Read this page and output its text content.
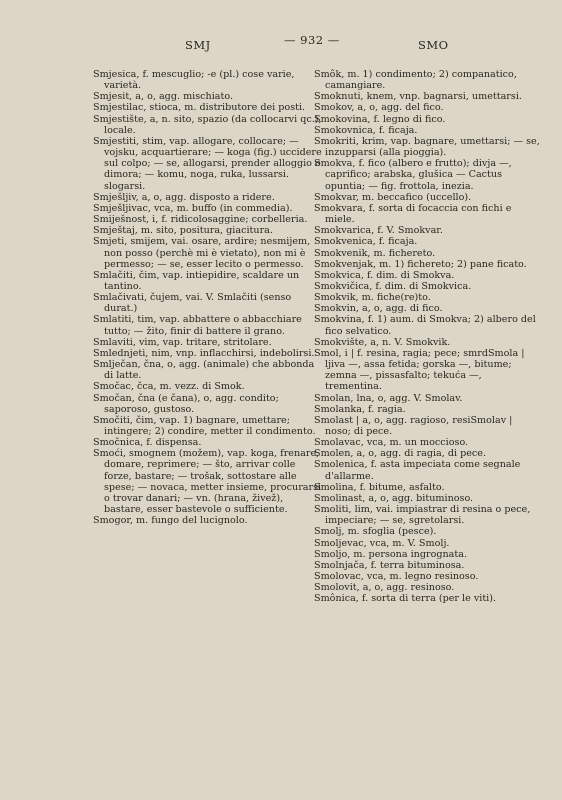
SMJ	— 932 —	SMO

Smjesica, f. mescuglio; -e (pl.) cose varie, varietà.

Smjesit, a, o, agg. mischiato.

Smjestilac, stioca, m. distributore dei posti.

Smjestište, a, n. sito, spazio (da collocarvi qc.), locale.

Smjestiti, stim, vap. allogare, collocare; — vojsku, acquartierare; — koga (fig.) uccidere sul colpo; — se, allogarsi, prender alloggio o dimora; — komu, noga, ruka, lussarsi. slogarsi.

Smješljiv, a, o, agg. disposto a ridere.

Smješljivac, vca, m. buffo (in commedia).

Smiješnost, i, f. ridicolosaggine; corbelleria.

Smještaj, m. sito, positura, giacitura.

Smjeti, smijem, vai. osare, ardire; nesmijem, non posso (perchè mi è vietato), non mi è permesso; — se, esser lecito o permesso.

Smlačiti, čim, vap. intiepidire, scaldare un tantino.

Smlačivati, čujem, vai. V. Smlačiti (senso durat.)

Smlatiti, tim, vap. abbattere o abbacchiare tutto; — žito, finir di battere il grano.

Smlaviti, vim, vap. tritare, stritolare.

Smlednjeti, nim, vnp. inflacchirsi, indebolirsi.

Smlječan, čna, o, agg. (animale) che abbonda di latte.

Smočac, čca, m. vezz. di Smok.

Smočan, čna (e čana), o, agg. condito; saporoso, gustoso.

Smočiti, čim, vap. 1) bagnare, umettare; intingere; 2) condire, metter il condimento.

Smočnica, f. dispensa.

Smoći, smognem (možem), vap. koga, frenare, domare, reprimere; — što, arrivar colle forze, bastare; — trošak, sottostare alle spese; — novaca, metter insieme, procurarsi o trovar danari; — vn. (hrana, živež), bastare, esser bastevole o sufficiente.

Smogor, m. fungo del lucignolo.

Smôk, m. 1) condimento; 2) companatico, camangiare.

Smoknuti, knem, vnp. bagnarsi, umettarsi.

Smokov, a, o, agg. del fico.

Smokovina, f. legno di fico.

Smokovnica, f. ficaja.

Smokriti, krim, vap. bagnare, umettarsi; — se, inzupparsi (alla pioggia).

Smokva, f. fico (albero e frutto); divja —, caprifico; arabska, glušica — Cactus opuntia; — fig. frottola, inezia.

Smokvar, m. beccafico (uccello).

Smokvara, f. sorta di focaccia con fichi e miele.

Smokvarica, f. V. Smokvar.

Smokvenica, f. ficaja.

Smokvenik, m. fichereto.

Smokvenjak, m. 1) fichereto; 2) pane ficato.

Smokvica, f. dim. di Smokva.

Smokvičica, f. dim. di Smokvica.

Smokvik, m. fiche(re)to.

Smokvin, a, o, agg. di fico.

Smokvina, f. 1) aum. di Smokva; 2) albero del fico selvatico.

Smokvište, a, n. V. Smokvik.

Smol, i | f. resina, ragia; pece; smrdSmola | ljiva —, assa fetida; gorska —, bitume; zemna —, pissasfalto; tekuća —, trementina.

Smolan, lna, o, agg. V. Smolav.

Smolanka, f. ragia.

Smolast | a, o, agg. ragioso, resiSmolav | noso; di pece.

Smolavac, vca, m. un moccioso.

Smolen, a, o, agg. di ragia, di pece.

Smolenica, f. asta impeciata come segnale d'allarme.

Smolina, f. bitume, asfalto.

Smolinast, a, o, agg. bituminoso.

Smoliti, lim, vai. impiastrar di resina o pece, impeciare; — se, sgretolarsi.

Smolj, m. sfoglia (pesce).

Smoljevac, vca, m. V. Smolj.

Smoljo, m. persona ingrognata.

Smolnjača, f. terra bituminosa.

Smolovac, vca, m. legno resinoso.

Smolovit, a, o, agg. resinoso.

Smônica, f. sorta di terra (per le viti).
